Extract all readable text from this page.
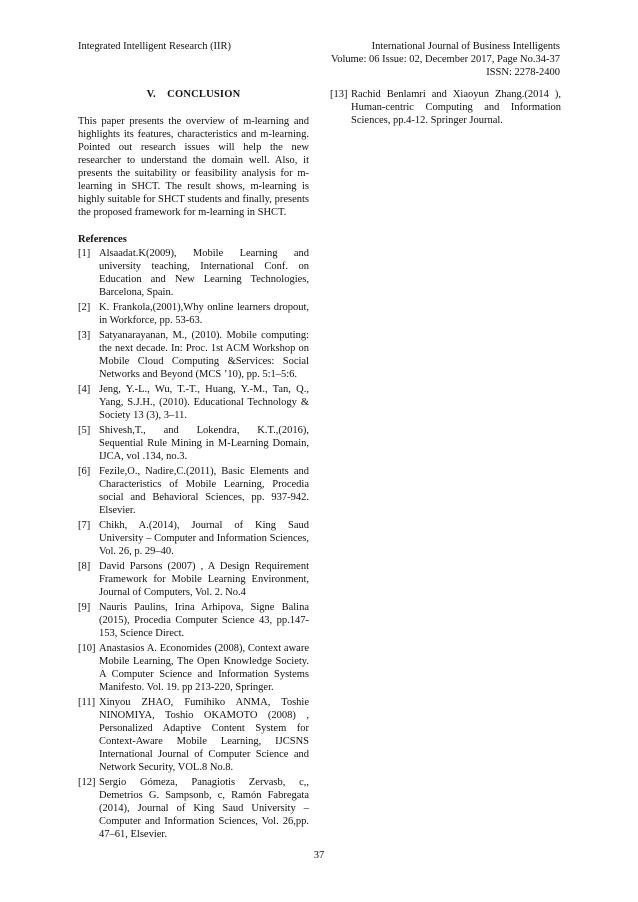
Integrated Intelligent Research (IIR)	International Journal of Business Intelligents
Volume: 06 Issue: 02, December 2017, Page No.34-37
ISSN: 2278-2400
V.    CONCLUSION

This paper presents the overview of m-learning and highlights its features, characteristics and m-learning. Pointed out research issues will help the new researcher to understand the domain well. Also, it presents the suitability or feasibility analysis for m-learning in SHCT. The result shows, m-learning is highly suitable for SHCT students and finally, presents the proposed framework for m-learning in SHCT.

References
[1] Alsaadat.K(2009), Mobile Learning and university teaching, International Conf. on Education and New Learning Technologies, Barcelona, Spain.
[2] K. Frankola,(2001),Why online learners dropout, in Workforce, pp. 53-63.
[3] Satyanarayanan, M., (2010). Mobile computing: the next decade. In: Proc. 1st ACM Workshop on Mobile Cloud Computing &Services: Social Networks and Beyond (MCS ’10), pp. 5:1–5:6.
[4] Jeng, Y.-L., Wu, T.-T., Huang, Y.-M., Tan, Q., Yang, S.J.H., (2010). Educational Technology & Society 13 (3), 3–11.
[5] Shivesh,T., and Lokendra, K.T.,(2016), Sequential Rule Mining in M-Learning Domain, IJCA, vol .134, no.3.
[6] Fezile,O., Nadire,C.(2011), Basic Elements and Characteristics of Mobile Learning, Procedia social and Behavioral Sciences, pp. 937-942. Elsevier.
[7] Chikh, A.(2014), Journal of King Saud University – Computer and Information Sciences, Vol. 26, p. 29–40.
[8] David Parsons (2007) , A Design Requirement Framework for Mobile Learning Environment, Journal of Computers, Vol. 2. No.4
[9] Nauris Paulins, Irina Arhipova, Signe Balina (2015), Procedia Computer Science 43, pp.147-153, Science Direct.
[10] Anastasios A. Economides (2008), Context aware Mobile Learning, The Open Knowledge Society. A Computer Science and Information Systems Manifesto. Vol. 19. pp 213-220, Springer.
[11] Xinyou ZHAO, Fumihiko ANMA, Toshie NINOMIYA, Toshio OKAMOTO (2008) , Personalized Adaptive Content System for Context-Aware Mobile Learning, IJCSNS International Journal of Computer Science and Network Security, VOL.8 No.8.
[12] Sergio Gómeza, Panagiotis Zervasb, c,, Demetrios G. Sampsonb, c, Ramón Fabregata (2014), Journal of King Saud University – Computer and Information Sciences, Vol. 26,pp. 47–61, Elsevier.
[13] Rachid Benlamri and Xiaoyun Zhang.(2014 ), Human-centric Computing and Information Sciences, pp.4-12. Springer Journal.
37
